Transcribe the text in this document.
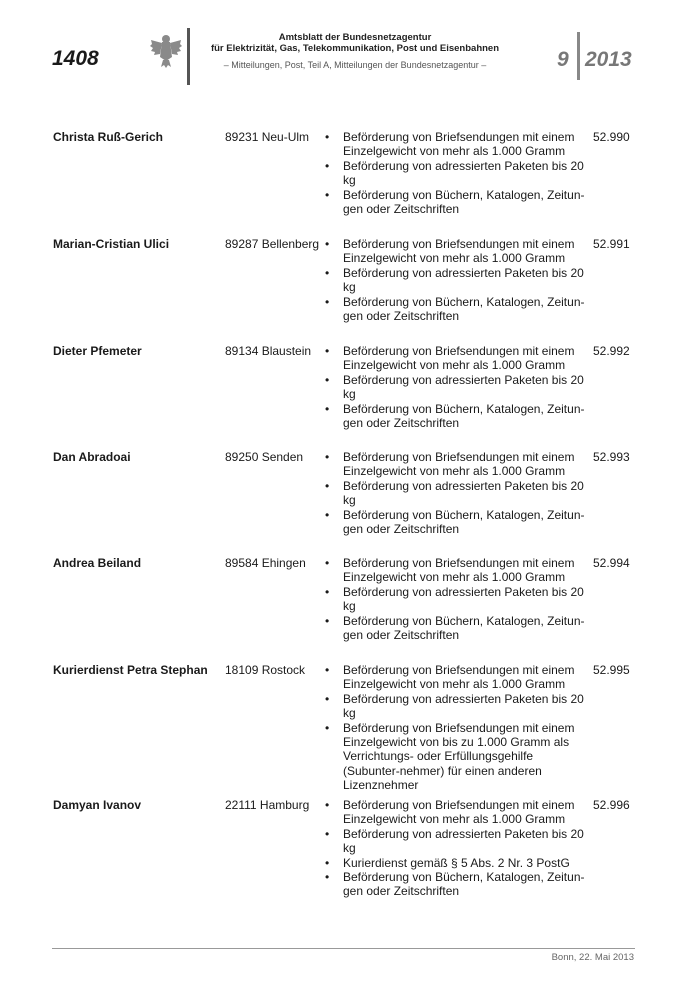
1408
Amtsblatt der Bundesnetzagentur
für Elektrizität, Gas, Telekommunikation, Post und Eisenbahnen
– Mitteilungen, Post, Teil A, Mitteilungen der Bundesnetzagentur –	9 2013
Christa Ruß-Gerich	89231 Neu-Ulm • Beförderung von Briefsendungen mit einem Einzelgewicht von mehr als 1.000 Gramm
• Beförderung von adressierten Paketen bis 20 kg
• Beförderung von Büchern, Katalogen, Zeitun-gen oder Zeitschriften
52.990
Marian-Cristian Ulici	89287 Bellenberg • Beförderung von Briefsendungen mit einem Einzelgewicht von mehr als 1.000 Gramm
• Beförderung von adressierten Paketen bis 20 kg
• Beförderung von Büchern, Katalogen, Zeitun-gen oder Zeitschriften
52.991
Dieter Pfemeter	89134 Blaustein • Beförderung von Briefsendungen mit einem Einzelgewicht von mehr als 1.000 Gramm
• Beförderung von adressierten Paketen bis 20 kg
• Beförderung von Büchern, Katalogen, Zeitun-gen oder Zeitschriften
52.992
Dan Abradoai	89250 Senden • Beförderung von Briefsendungen mit einem Einzelgewicht von mehr als 1.000 Gramm
• Beförderung von adressierten Paketen bis 20 kg
• Beförderung von Büchern, Katalogen, Zeitun-gen oder Zeitschriften
52.993
Andrea Beiland	89584 Ehingen • Beförderung von Briefsendungen mit einem Einzelgewicht von mehr als 1.000 Gramm
• Beförderung von adressierten Paketen bis 20 kg
• Beförderung von Büchern, Katalogen, Zeitun-gen oder Zeitschriften
52.994
Kurierdienst Petra Stephan 18109 Rostock • Beförderung von Briefsendungen mit einem Einzelgewicht von mehr als 1.000 Gramm
• Beförderung von adressierten Paketen bis 20 kg
• Beförderung von Briefsendungen mit einem Einzelgewicht von bis zu 1.000 Gramm als Verrichtungs- oder Erfüllungsgehilfe (Subunter-nehmer) für einen anderen Lizenznehmer
52.995
Damyan Ivanov	22111 Hamburg • Beförderung von Briefsendungen mit einem Einzelgewicht von mehr als 1.000 Gramm
• Beförderung von adressierten Paketen bis 20 kg
• Kurierdienst gemäß § 5 Abs. 2 Nr. 3 PostG
• Beförderung von Büchern, Katalogen, Zeitun-gen oder Zeitschriften
52.996
Bonn, 22. Mai 2013
